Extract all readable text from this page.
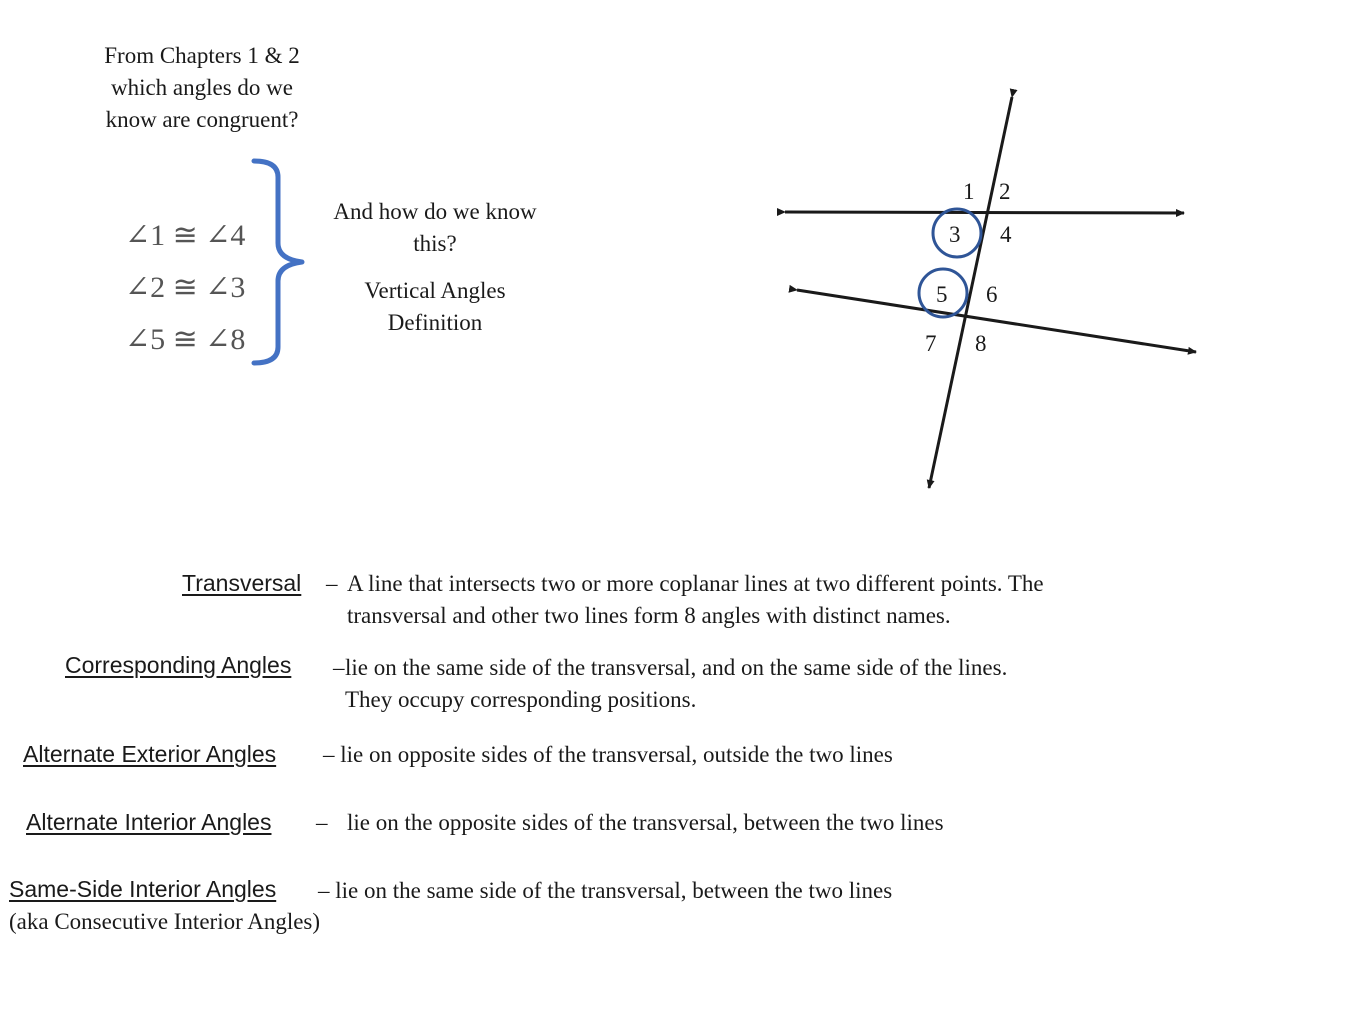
From Chapters 1 & 2
which angles do we
know are congruent?
∠1 ≅ ∠4
∠2 ≅ ∠3
∠5 ≅ ∠8
And how do we know
this?
Vertical Angles
Definition
1 2
3 4
5 6
7 8
Transversal – A line that intersects two or more coplanar lines at two different points. The
transversal and other two lines form 8 angles with distinct names.
Corresponding Angles – lie on the same side of the transversal, and on the same side of the lines.
They occupy corresponding positions.
Alternate Exterior Angles – lie on opposite sides of the transversal, outside the two lines
Alternate Interior Angles – lie on the opposite sides of the transversal, between the two lines
Same-Side Interior Angles – lie on the same side of the transversal, between the two lines
(aka Consecutive Interior Angles)
